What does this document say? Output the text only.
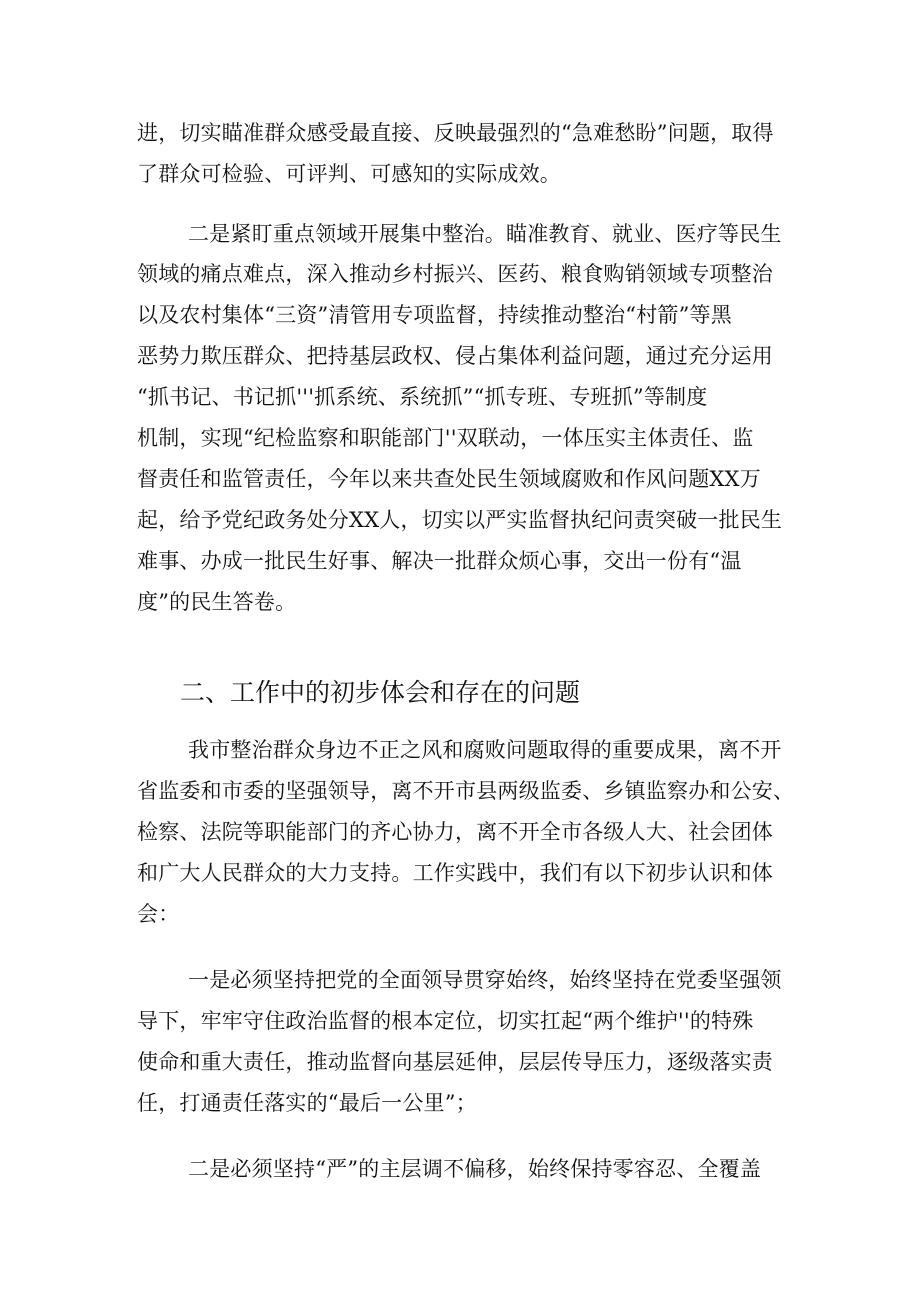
进，切实瞄准群众感受最直接、反映最强烈的“急难愁盼”问题，取得
了群众可检验、可评判、可感知的实际成效。
二是紧盯重点领域开展集中整治。瞄准教育、就业、医疗等民生
领域的痛点难点，深入推动乡村振兴、医药、粮食购销领域专项整治
以及农村集体“三资”清管用专项监督，持续推动整治“村箭”等黑
恶势力欺压群众、把持基层政权、侵占集体利益问题，通过充分运用
“抓书记、书记抓'''抓系统、系统抓”“抓专班、专班抓”等制度
机制，实现“纪检监察和职能部门''双联动，一体压实主体责任、监
督责任和监管责任，今年以来共查处民生领域腐败和作风问题XX万
起，给予党纪政务处分XX人，切实以严实监督执纪问责突破一批民生
难事、办成一批民生好事、解决一批群众烦心事，交出一份有“温
度”的民生答卷。
二、工作中的初步体会和存在的问题
我市整治群众身边不正之风和腐败问题取得的重要成果，离不开
省监委和市委的坚强领导，离不开市县两级监委、乡镇监察办和公安、
检察、法院等职能部门的齐心协力，离不开全市各级人大、社会团体
和广大人民群众的大力支持。工作实践中，我们有以下初步认识和体
会：
一是必须坚持把党的全面领导贯穿始终，始终坚持在党委坚强领
导下，牢牢守住政治监督的根本定位，切实扛起“两个维护''的特殊
使命和重大责任，推动监督向基层延伸，层层传导压力，逐级落实责
任，打通责任落实的“最后一公里”；
二是必须坚持“严”的主层调不偏移，始终保持零容忍、全覆盖
